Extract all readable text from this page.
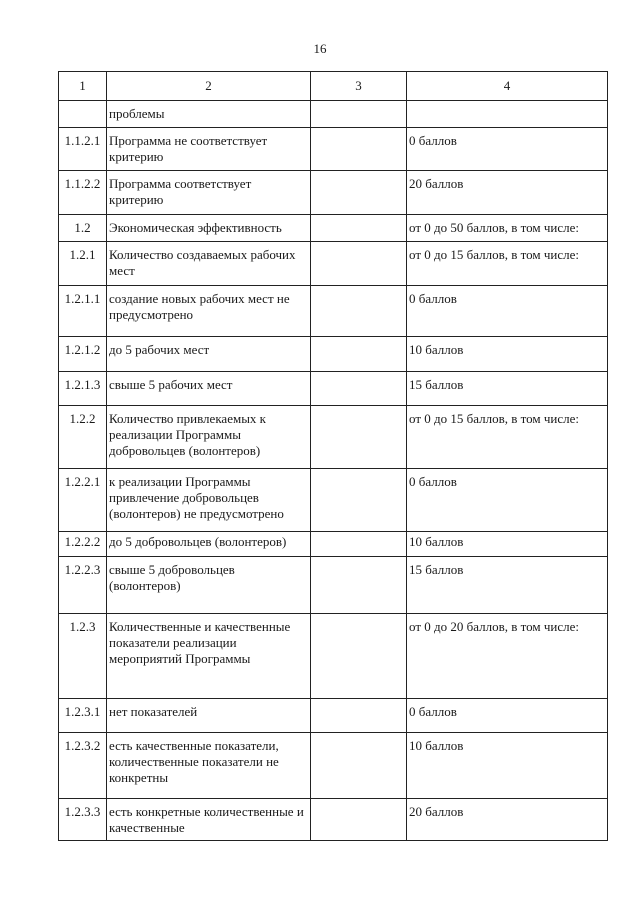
16
1	2	3	4
	проблемы		
1.1.2.1	Программа не соответствует критерию		0 баллов
1.1.2.2	Программа соответствует критерию		20 баллов
1.2	Экономическая эффективность		от 0 до 50 баллов, в том числе:
1.2.1	Количество создаваемых рабочих мест		от 0 до 15 баллов, в том числе:
1.2.1.1	создание новых рабочих мест не предусмотрено		0 баллов
1.2.1.2	до 5 рабочих мест		10 баллов
1.2.1.3	свыше 5 рабочих мест		15 баллов
1.2.2	Количество привлекаемых к реализации Программы добровольцев (волонтеров)		от 0 до 15 баллов, в том числе:
1.2.2.1	к реализации Программы привлечение добровольцев (волонтеров) не предусмотрено		0 баллов
1.2.2.2	до 5 добровольцев (волонтеров)		10 баллов
1.2.2.3	свыше 5 добровольцев (волонтеров)		15 баллов
1.2.3	Количественные и качественные показатели реализации мероприятий Программы		от 0 до 20 баллов, в том числе:
1.2.3.1	нет показателей		0 баллов
1.2.3.2	есть качественные показатели, количественные показатели не конкретны		10 баллов
1.2.3.3	есть конкретные количественные и качественные		20 баллов
